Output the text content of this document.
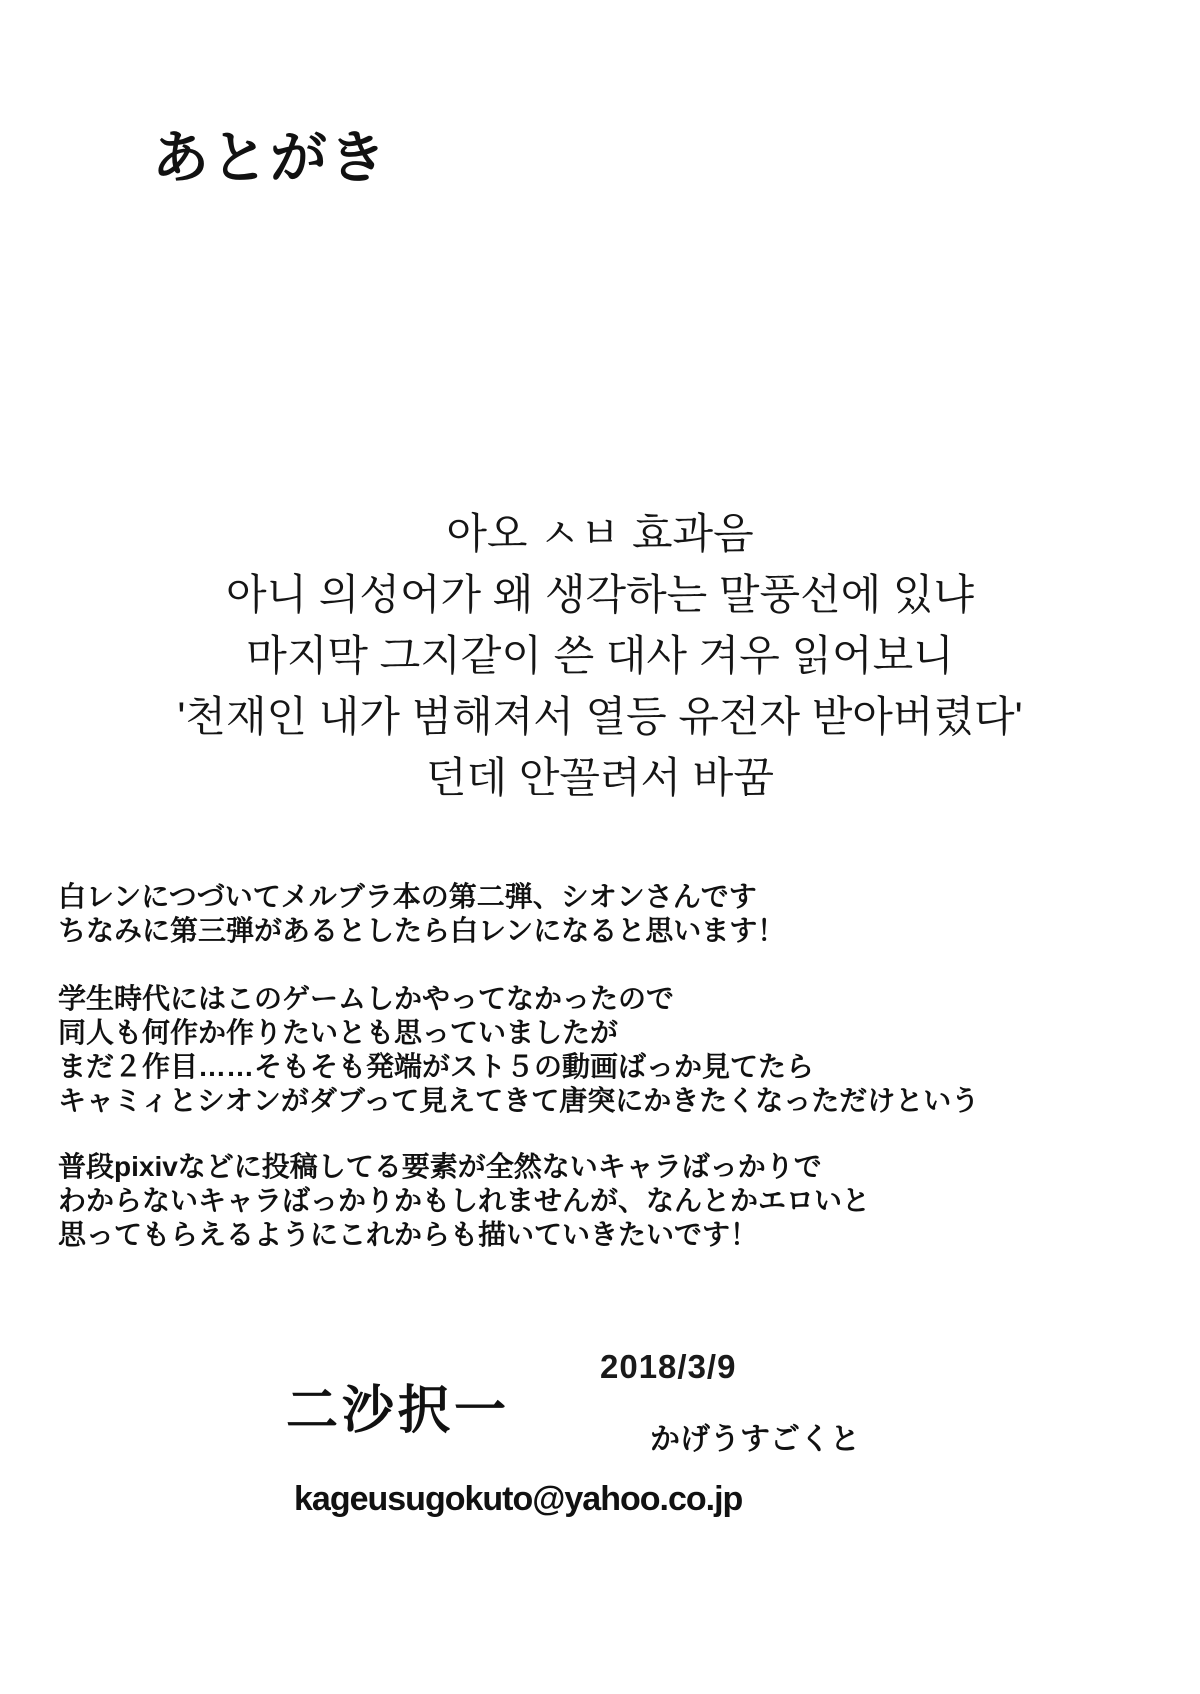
あとがき
아오 ㅅㅂ 효과음
아니 의성어가 왜 생각하는 말풍선에 있냐
마지막 그지같이 쓴 대사 겨우 읽어보니
'천재인 내가 범해져서 열등 유전자 받아버렸다'
던데 안꼴려서 바꿈
白レンにつづいてメルブラ本の第二弾、シオンさんです
ちなみに第三弾があるとしたら白レンになると思います！
学生時代にはこのゲームしかやってなかったので
同人も何作か作りたいとも思っていましたが
まだ２作目……そもそも発端がスト５の動画ばっか見てたら
キャミィとシオンがダブって見えてきて唐突にかきたくなっただけという
普段pixivなどに投稿してる要素が全然ないキャラばっかりで
わからないキャラばっかりかもしれませんが、なんとかエロいと
思ってもらえるようにこれからも描いていきたいです！
二沙択一
2018/3/9
かげうすごくと
kageusugokuto@yahoo.co.jp
